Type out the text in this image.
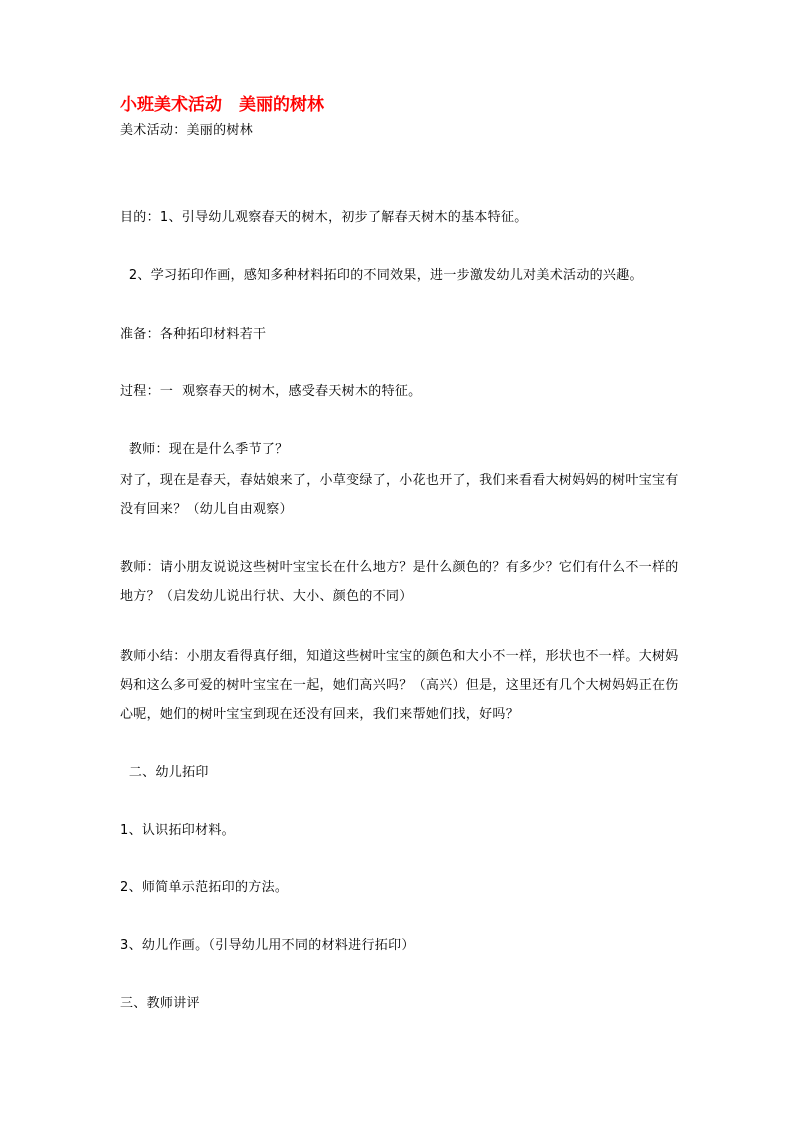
小班美术活动　美丽的树林
美术活动：美丽的树林
目的：1、引导幼儿观察春天的树木，初步了解春天树木的基本特征。
2、学习拓印作画，感知多种材料拓印的不同效果，进一步激发幼儿对美术活动的兴趣。
准备：各种拓印材料若干
过程：一  观察春天的树木，感受春天树木的特征。
教师：现在是什么季节了？
对了，现在是春天，春姑娘来了，小草变绿了，小花也开了，我们来看看大树妈妈的树叶宝宝有没有回来？（幼儿自由观察）
教师：请小朋友说说这些树叶宝宝长在什么地方？是什么颜色的？有多少？它们有什么不一样的地方？（启发幼儿说出行状、大小、颜色的不同）
教师小结：小朋友看得真仔细，知道这些树叶宝宝的颜色和大小不一样，形状也不一样。大树妈妈和这么多可爱的树叶宝宝在一起，她们高兴吗？（高兴）但是，这里还有几个大树妈妈正在伤心呢，她们的树叶宝宝到现在还没有回来，我们来帮她们找，好吗？
二、幼儿拓印
1、认识拓印材料。
2、师简单示范拓印的方法。
3、幼儿作画。（引导幼儿用不同的材料进行拓印）
三、教师讲评
